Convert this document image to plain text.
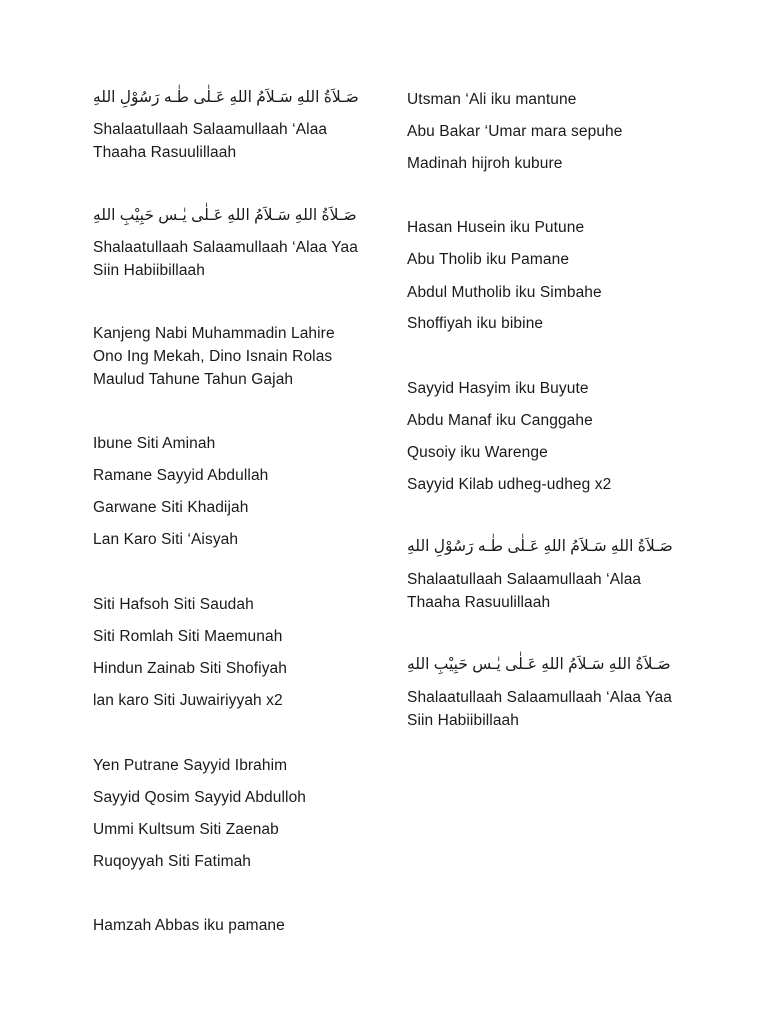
صَـلاَةُ اللهِ سَـلاَمُ اللهِ عَـلٰى طٰـه رَسُوْلِ اللهِ
Shalaatullaah Salaamullaah ‘Alaa
Thaaha Rasuulillaah
صَـلاَةُ اللهِ سَـلاَمُ اللهِ عَـلٰى يٰـس حَبِيْبِ اللهِ
Shalaatullaah Salaamullaah ‘Alaa Yaa
Siin Habiibillaah
Kanjeng Nabi Muhammadin Lahire
Ono Ing Mekah, Dino Isnain Rolas
Maulud Tahune Tahun Gajah
Ibune Siti Aminah
Ramane Sayyid Abdullah
Garwane Siti Khadijah
Lan Karo Siti ‘Aisyah
Siti Hafsoh Siti Saudah
Siti Romlah Siti Maemunah
Hindun Zainab Siti Shofiyah
lan karo Siti Juwairiyyah x2
Yen Putrane Sayyid Ibrahim
Sayyid Qosim Sayyid Abdulloh
Ummi Kultsum Siti Zaenab
Ruqoyyah Siti Fatimah
Hamzah Abbas iku pamane
Utsman ‘Ali iku mantune
Abu Bakar ‘Umar mara sepuhe
Madinah hijroh kubure
Hasan Husein iku Putune
Abu Tholib iku Pamane
Abdul Mutholib iku Simbahe
Shoffiyah iku bibine
Sayyid Hasyim iku Buyute
Abdu Manaf iku Canggahe
Qusoiy iku Warenge
Sayyid Kilab udheg-udheg x2
صَـلاَةُ اللهِ سَـلاَمُ اللهِ عَـلٰى طٰـه رَسُوْلِ اللهِ
Shalaatullaah Salaamullaah ‘Alaa
Thaaha Rasuulillaah
صَـلاَةُ اللهِ سَـلاَمُ اللهِ عَـلٰى يٰـس حَبِيْبِ اللهِ
Shalaatullaah Salaamullaah ‘Alaa Yaa
Siin Habiibillaah
